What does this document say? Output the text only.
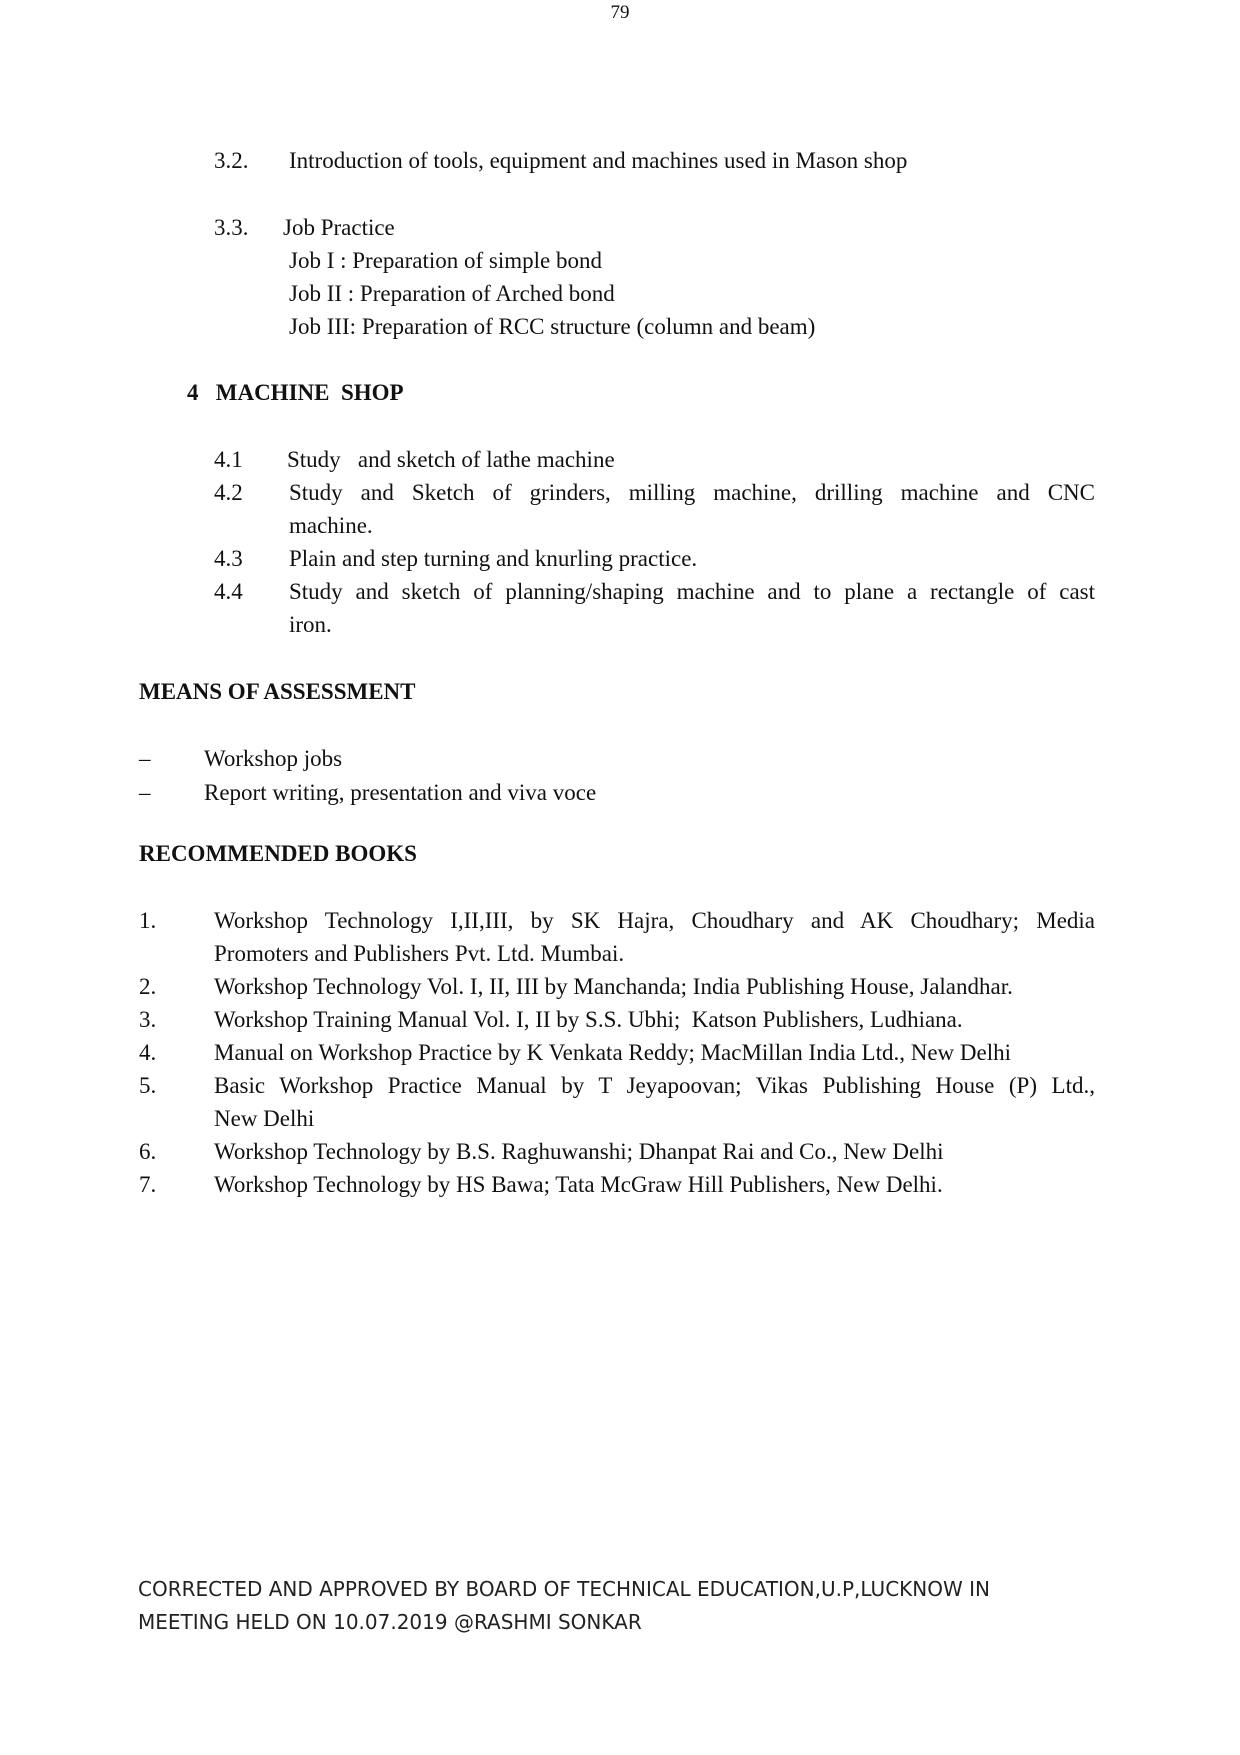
79
3.2. Introduction of tools, equipment and machines used in Mason shop
3.3. Job Practice
Job I : Preparation of simple bond
Job II : Preparation of Arched bond
Job III: Preparation of RCC structure (column and beam)
4   MACHINE  SHOP
4.1 Study   and sketch of lathe machine
4.2 Study and Sketch of grinders, milling machine, drilling machine and CNC
machine.
4.3 Plain and step turning and knurling practice.
4.4 Study and sketch of planning/shaping machine and to plane a rectangle of cast
iron.
MEANS OF ASSESSMENT
– Workshop jobs
– Report writing, presentation and viva voce
RECOMMENDED BOOKS
1.	Workshop Technology I,II,III, by SK Hajra, Choudhary and AK Choudhary; Media
Promoters and Publishers Pvt. Ltd. Mumbai.
2.	Workshop Technology Vol. I, II, III by Manchanda; India Publishing House, Jalandhar.
3.	Workshop Training Manual Vol. I, II by S.S. Ubhi;  Katson Publishers, Ludhiana.
4.	Manual on Workshop Practice by K Venkata Reddy; MacMillan India Ltd., New Delhi
5.	Basic Workshop Practice Manual by T Jeyapoovan; Vikas Publishing House (P) Ltd.,
New Delhi
6.	Workshop Technology by B.S. Raghuwanshi; Dhanpat Rai and Co., New Delhi
7.	Workshop Technology by HS Bawa; Tata McGraw Hill Publishers, New Delhi.
CORRECTED AND APPROVED BY BOARD OF TECHNICAL EDUCATION,U.P,LUCKNOW IN
MEETING HELD ON 10.07.2019 @RASHMI SONKAR
